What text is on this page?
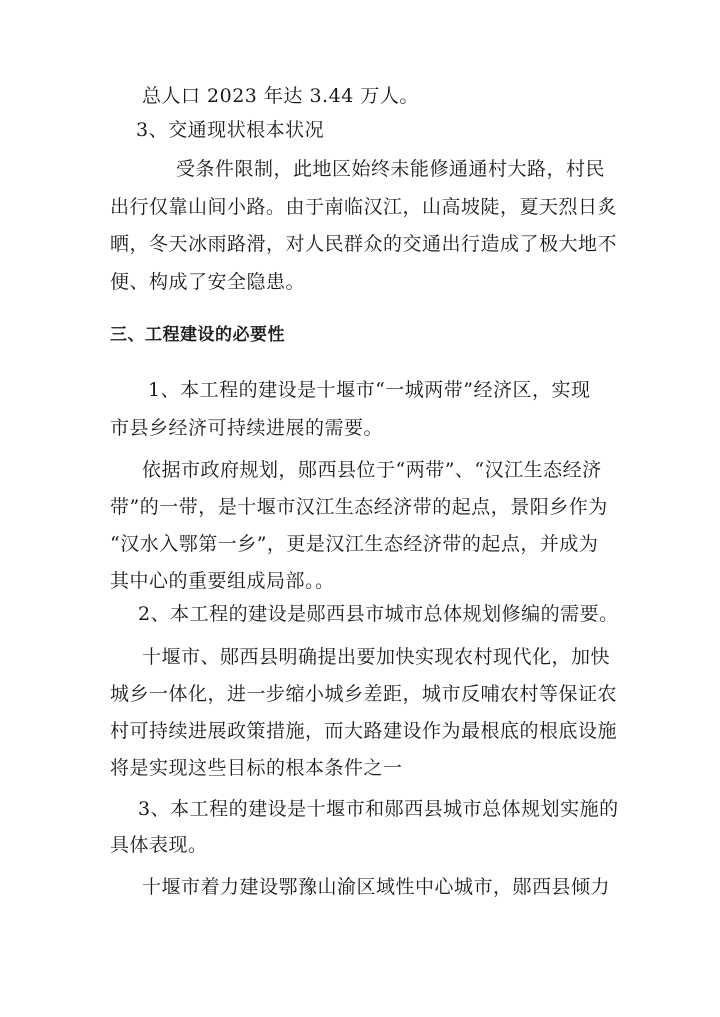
总人口 2023 年达 3.44 万人。
3、交通现状根本状况
受条件限制，此地区始终未能修通通村大路，村民
出行仅靠山间小路。由于南临汉江，山高坡陡，夏天烈日炙
晒，冬天冰雨路滑，对人民群众的交通出行造成了极大地不
便、构成了安全隐患。
三、工程建设的必要性
1、本工程的建设是十堰市“一城两带”经济区，实现
市县乡经济可持续进展的需要。
依据市政府规划，郧西县位于“两带”、“汉江生态经济
带”的一带，是十堰市汉江生态经济带的起点，景阳乡作为
“汉水入鄂第一乡”，更是汉江生态经济带的起点，并成为
其中心的重要组成局部。。
2、本工程的建设是郧西县市城市总体规划修编的需要。
十堰市、郧西县明确提出要加快实现农村现代化，加快
城乡一体化，进一步缩小城乡差距，城市反哺农村等保证农
村可持续进展政策措施，而大路建设作为最根底的根底设施
将是实现这些目标的根本条件之一
3、本工程的建设是十堰市和郧西县城市总体规划实施的
具体表现。
十堰市着力建设鄂豫山渝区域性中心城市，郧西县倾力
